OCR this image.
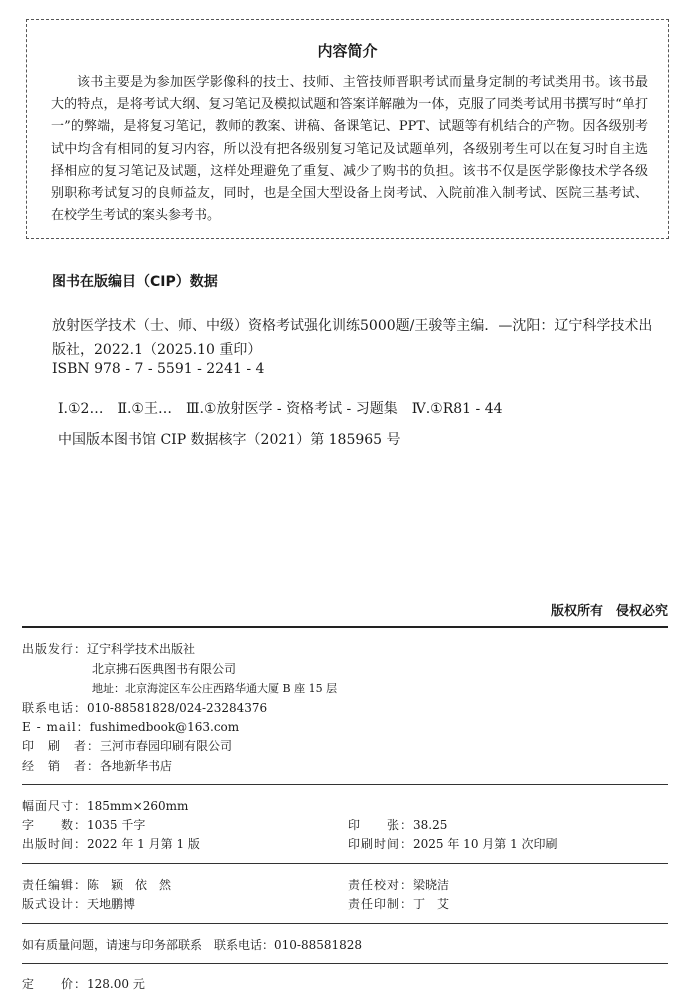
内容简介
该书主要是为参加医学影像科的技士、技师、主管技师晋职考试而量身定制的考试类用书。该书最大的特点，是将考试大纲、复习笔记及模拟试题和答案详解融为一体，克服了同类考试用书撰写时“单打一”的弊端，是将复习笔记，教师的教案、讲稿、备课笔记、PPT、试题等有机结合的产物。因各级别考试中均含有相同的复习内容，所以没有把各级别复习笔记及试题单列，各级别考生可以在复习时自主选择相应的复习笔记及试题，这样处理避免了重复、减少了购书的负担。该书不仅是医学影像技术学各级别职称考试复习的良师益友，同时，也是全国大型设备上岗考试、入院前准入制考试、医院三基考试、在校学生考试的案头参考书。
图书在版编目（CIP）数据
放射医学技术（士、师、中级）资格考试强化训练5000题/王骏等主编．—沈阳：辽宁科学技术出版社，2022.1（2025.10 重印）
ISBN 978 - 7 - 5591 - 2241 - 4
Ⅰ.①2…　Ⅱ.①王…　Ⅲ.①放射医学 - 资格考试 - 习题集　Ⅳ.①R81 - 44
中国版本图书馆 CIP 数据核字（2021）第 185965 号
版权所有　侵权必究
出版发行：辽宁科学技术出版社
北京拂石医典图书有限公司
地址：北京海淀区车公庄西路华通大厦 B 座 15 层
联系电话：010-88581828/024-23284376
E - mail：fushimedbook@163.com
印　刷　者：三河市春园印刷有限公司
经　销　者：各地新华书店
幅面尺寸：185mm×260mm
字　　数：1035 千字	印　　张：38.25
出版时间：2022 年 1 月第 1 版	印刷时间：2025 年 10 月第 1 次印刷
责任编辑：陈　颖　依　然	责任校对：梁晓洁
版式设计：天地鹏博	责任印制：丁　艾
如有质量问题，请速与印务部联系　联系电话：010-88581828
定　　价：128.00 元
